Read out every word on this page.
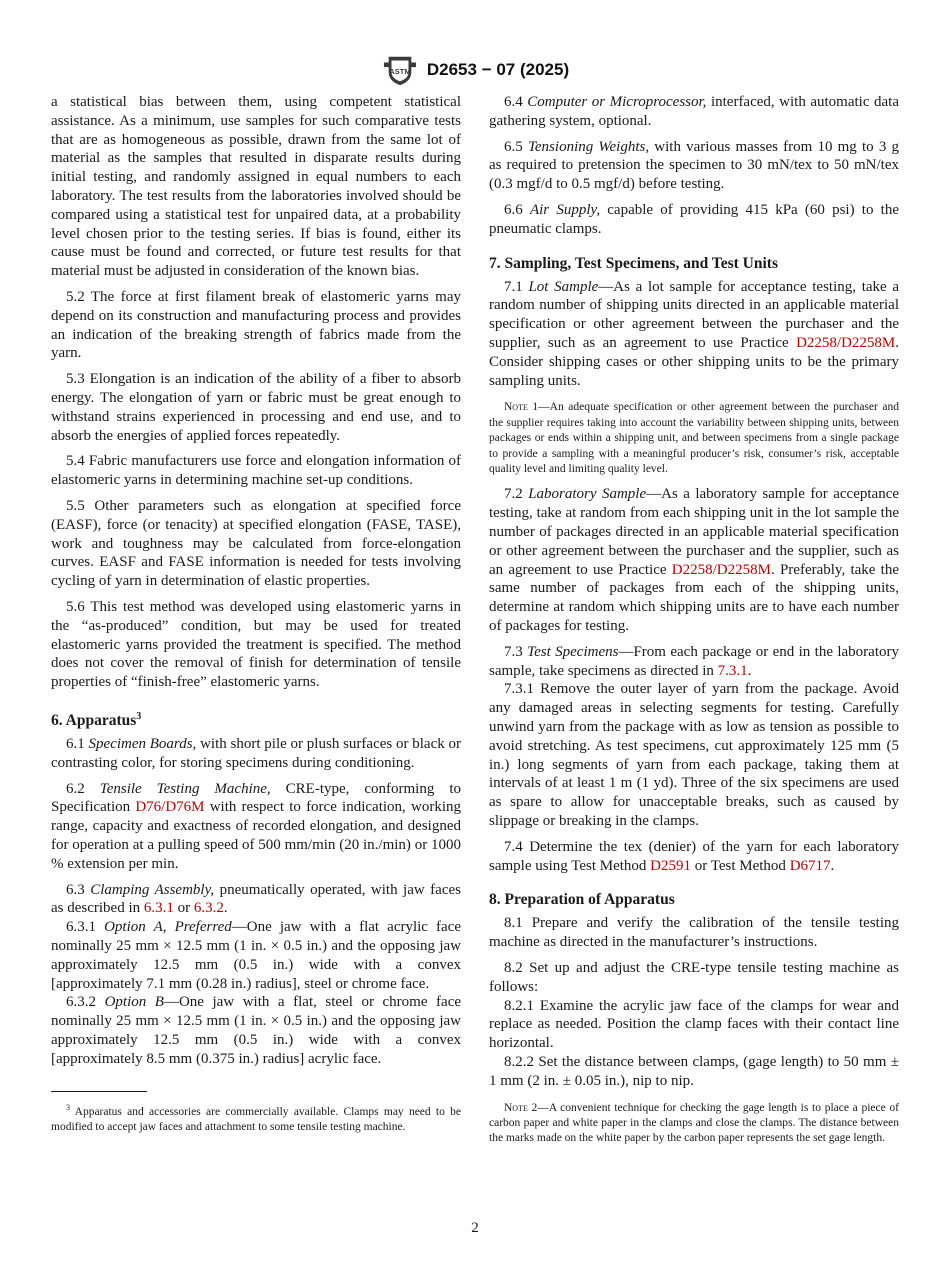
ASTM D2653 − 07 (2025)

a statistical bias between them, using competent statistical assistance. As a minimum, use samples for such comparative tests that are as homogeneous as possible, drawn from the same lot of material as the samples that resulted in disparate results during initial testing, and randomly assigned in equal numbers to each laboratory. The test results from the laboratories involved should be compared using a statistical test for unpaired data, at a probability level chosen prior to the testing series. If bias is found, either its cause must be found and corrected, or future test results for that material must be adjusted in consideration of the known bias.

5.2 The force at first filament break of elastomeric yarns may depend on its construction and manufacturing process and provides an indication of the breaking strength of fabrics made from the yarn.

5.3 Elongation is an indication of the ability of a fiber to absorb energy. The elongation of yarn or fabric must be great enough to withstand strains experienced in processing and end use, and to absorb the energies of applied forces repeatedly.

5.4 Fabric manufacturers use force and elongation information of elastomeric yarns in determining machine set-up conditions.

5.5 Other parameters such as elongation at specified force (EASF), force (or tenacity) at specified elongation (FASE, TASE), work and toughness may be calculated from force-elongation curves. EASF and FASE information is needed for tests involving cycling of yarn in determination of elastic properties.

5.6 This test method was developed using elastomeric yarns in the “as-produced” condition, but may be used for treated elastomeric yarns provided the treatment is specified. The method does not cover the removal of finish for determination of tensile properties of “finish-free” elastomeric yarns.

6. Apparatus$^3$

6.1 Specimen Boards, with short pile or plush surfaces or black or contrasting color, for storing specimens during conditioning.

6.2 Tensile Testing Machine, CRE-type, conforming to Specification D76/D76M with respect to force indication, working range, capacity and exactness of recorded elongation, and designed for operation at a pulling speed of 500 mm/min (20 in./min) or 1000 % extension per min.

6.3 Clamping Assembly, pneumatically operated, with jaw faces as described in 6.3.1 or 6.3.2.

6.3.1 Option A, Preferred—One jaw with a flat acrylic face nominally 25 mm × 12.5 mm (1 in. × 0.5 in.) and the opposing jaw approximately 12.5 mm (0.5 in.) wide with a convex [approximately 7.1 mm (0.28 in.) radius], steel or chrome face.

6.3.2 Option B—One jaw with a flat, steel or chrome face nominally 25 mm × 12.5 mm (1 in. × 0.5 in.) and the opposing jaw approximately 12.5 mm (0.5 in.) wide with a convex [approximately 8.5 mm (0.375 in.) radius] acrylic face.

$^3$ Apparatus and accessories are commercially available. Clamps may need to be modified to accept jaw faces and attachment to some tensile testing machine.

6.4 Computer or Microprocessor, interfaced, with automatic data gathering system, optional.

6.5 Tensioning Weights, with various masses from 10 mg to 3 g as required to pretension the specimen to 30 mN/tex to 50 mN/tex (0.3 mgf/d to 0.5 mgf/d) before testing.

6.6 Air Supply, capable of providing 415 kPa (60 psi) to the pneumatic clamps.

7. Sampling, Test Specimens, and Test Units

7.1 Lot Sample—As a lot sample for acceptance testing, take a random number of shipping units directed in an applicable material specification or other agreement between the purchaser and the supplier, such as an agreement to use Practice D2258/D2258M. Consider shipping cases or other shipping units to be the primary sampling units.

Note 1—An adequate specification or other agreement between the purchaser and the supplier requires taking into account the variability between shipping units, between packages or ends within a shipping unit, and between specimens from a single package to provide a sampling with a meaningful producer’s risk, consumer’s risk, acceptable quality level and limiting quality level.

7.2 Laboratory Sample—As a laboratory sample for acceptance testing, take at random from each shipping unit in the lot sample the number of packages directed in an applicable material specification or other agreement between the purchaser and the supplier, such as an agreement to use Practice D2258/D2258M. Preferably, take the same number of packages from each of the shipping units, determine at random which shipping units are to have each number of packages for testing.

7.3 Test Specimens—From each package or end in the laboratory sample, take specimens as directed in 7.3.1.

7.3.1 Remove the outer layer of yarn from the package. Avoid any damaged areas in selecting segments for testing. Carefully unwind yarn from the package with as low as tension as possible to avoid stretching. As test specimens, cut approximately 125 mm (5 in.) long segments of yarn from each package, taking them at intervals of at least 1 m (1 yd). Three of the six specimens are used as spare to allow for unacceptable breaks, such as caused by slippage or breaking in the clamps.

7.4 Determine the tex (denier) of the yarn for each laboratory sample using Test Method D2591 or Test Method D6717.

8. Preparation of Apparatus

8.1 Prepare and verify the calibration of the tensile testing machine as directed in the manufacturer’s instructions.

8.2 Set up and adjust the CRE-type tensile testing machine as follows:

8.2.1 Examine the acrylic jaw face of the clamps for wear and replace as needed. Position the clamp faces with their contact line horizontal.

8.2.2 Set the distance between clamps, (gage length) to 50 mm ± 1 mm (2 in. ± 0.05 in.), nip to nip.

Note 2—A convenient technique for checking the gage length is to place a piece of carbon paper and white paper in the clamps and close the clamps. The distance between the marks made on the white paper by the carbon paper represents the set gage length.

2
